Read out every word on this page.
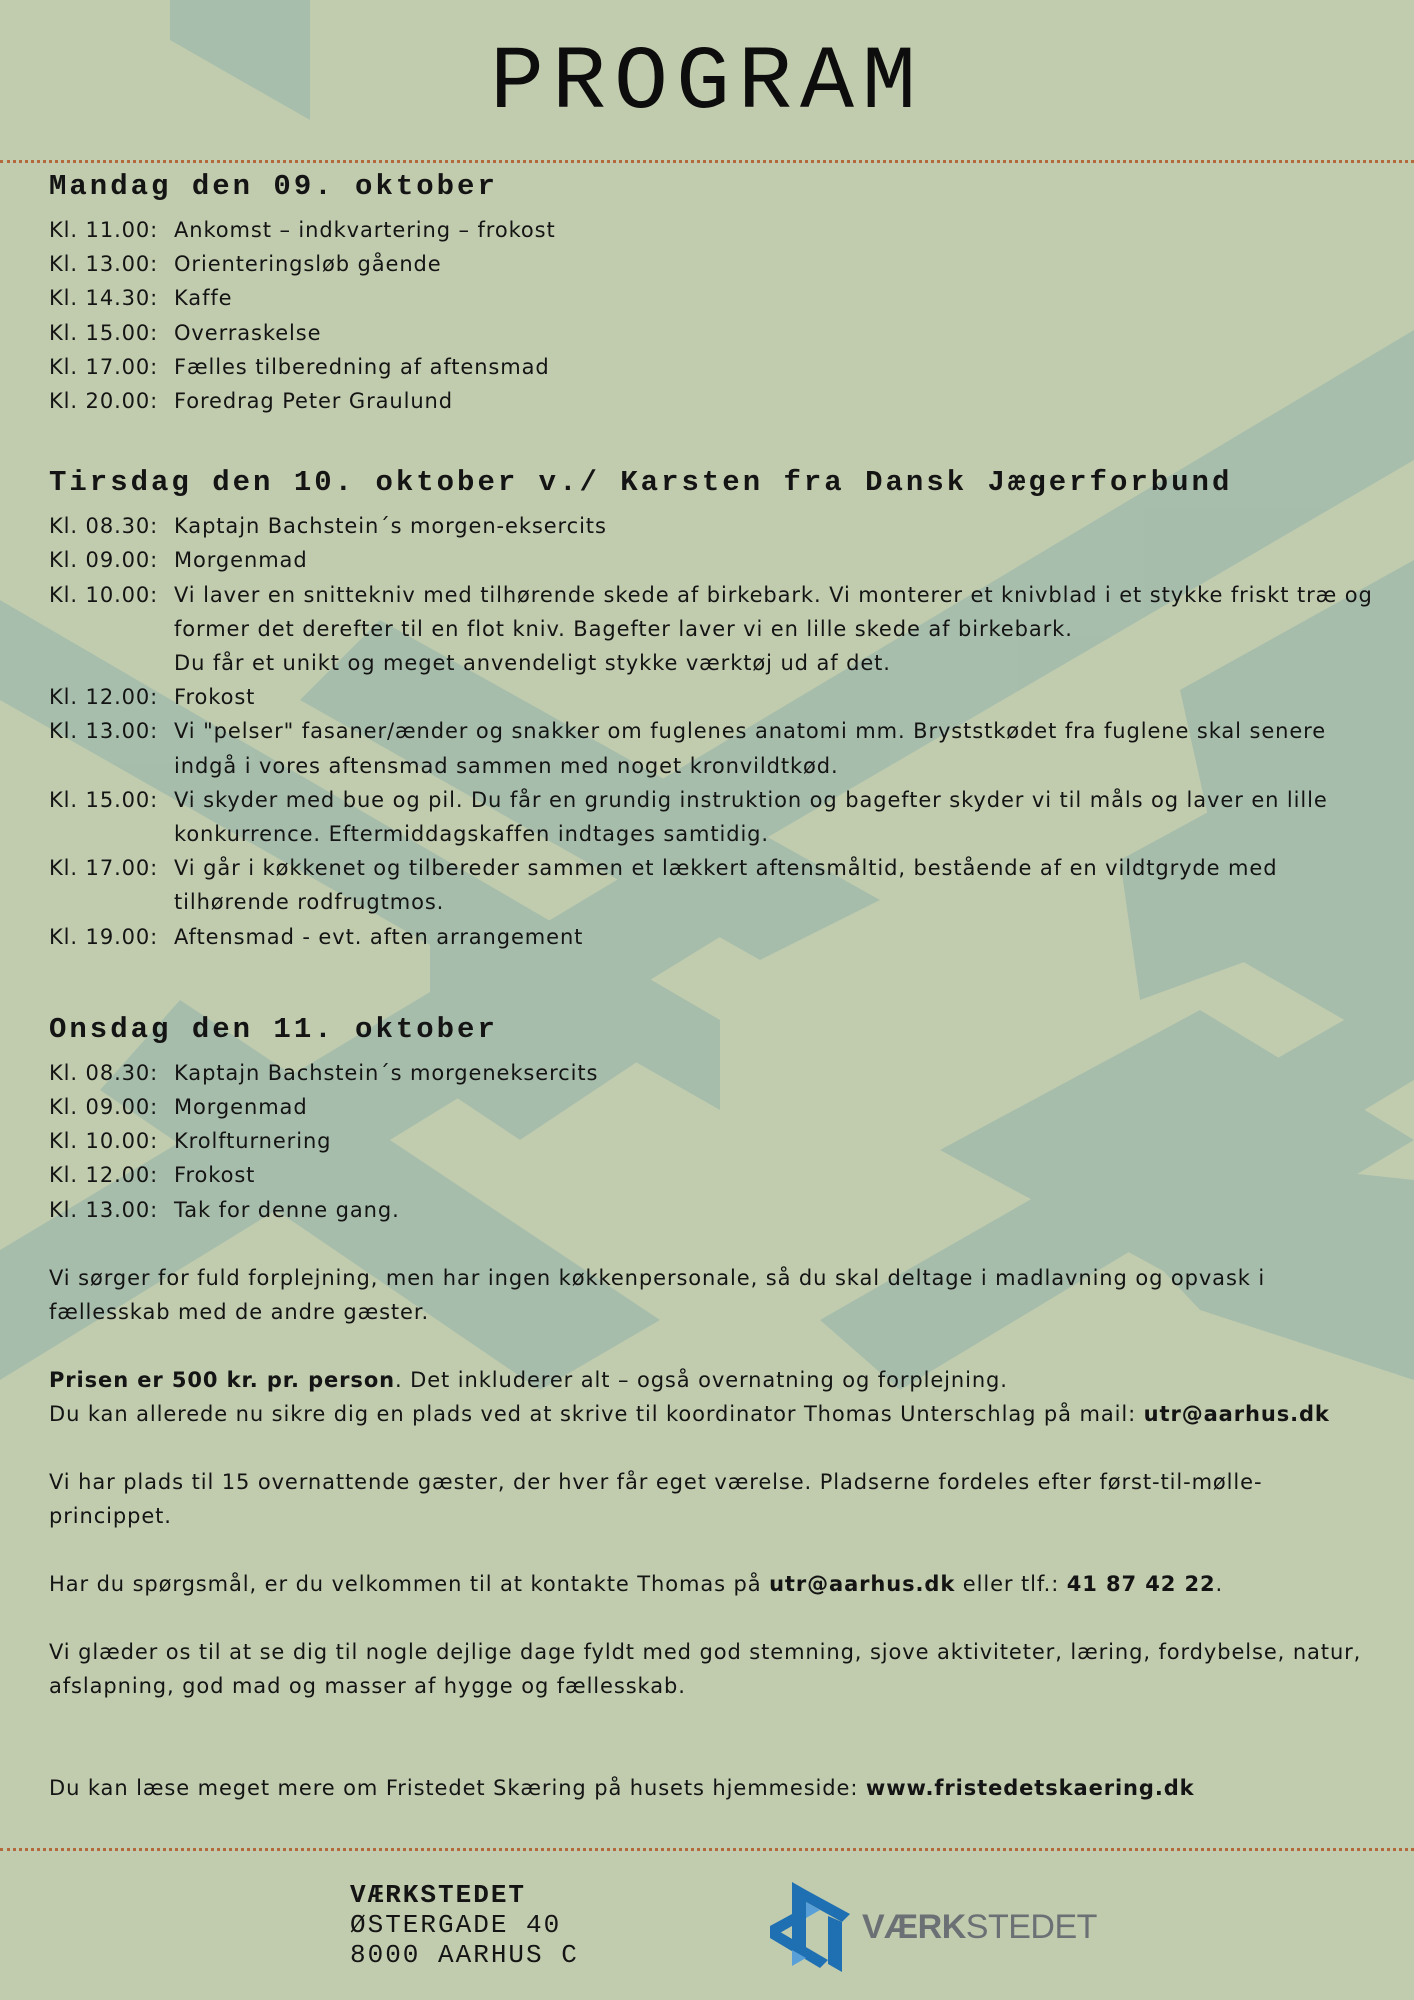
PROGRAM
Mandag den 09. oktober
Kl. 11.00: Ankomst – indkvartering – frokost
Kl. 13.00: Orienteringsløb gående
Kl. 14.30: Kaffe
Kl. 15.00: Overraskelse
Kl. 17.00: Fælles tilberedning af aftensmad
Kl. 20.00: Foredrag Peter Graulund
Tirsdag den 10. oktober v./ Karsten fra Dansk Jægerforbund
Kl. 08.30: Kaptajn Bachstein´s morgen-eksercits
Kl. 09.00: Morgenmad
Kl. 10.00: Vi laver en snittekniv med tilhørende skede af birkebark. Vi monterer et knivblad i et stykke friskt træ og former det derefter til en flot kniv. Bagefter laver vi en lille skede af birkebark.
Du får et unikt og meget anvendeligt stykke værktøj ud af det.
Kl. 12.00: Frokost
Kl. 13.00: Vi "pelser" fasaner/ænder og snakker om fuglenes anatomi mm. Bryststkødet fra fuglene skal senere indgå i vores aftensmad sammen med noget kronvildtkød.
Kl. 15.00: Vi skyder med bue og pil. Du får en grundig instruktion og bagefter skyder vi til måls og laver en lille konkurrence. Eftermiddagskaffen indtages samtidig.
Kl. 17.00: Vi går i køkkenet og tilbereder sammen et lækkert aftensmåltid, bestående af en vildtgryde med tilhørende rodfrugtmos.
Kl. 19.00: Aftensmad - evt. aften arrangement
Onsdag den 11. oktober
Kl. 08.30: Kaptajn Bachstein´s morgeneksercits
Kl. 09.00: Morgenmad
Kl. 10.00: Krolfturnering
Kl. 12.00: Frokost
Kl. 13.00: Tak for denne gang.

Vi sørger for fuld forplejning, men har ingen køkkenpersonale, så du skal deltage i madlavning og opvask i fællesskab med de andre gæster.

Prisen er 500 kr. pr. person. Det inkluderer alt – også overnatning og forplejning.
Du kan allerede nu sikre dig en plads ved at skrive til koordinator Thomas Unterschlag på mail: utr@aarhus.dk

Vi har plads til 15 overnattende gæster, der hver får eget værelse. Pladserne fordeles efter først-til-mølle-princippet.

Har du spørgsmål, er du velkommen til at kontakte Thomas på utr@aarhus.dk eller tlf.: 41 87 42 22.

Vi glæder os til at se dig til nogle dejlige dage fyldt med god stemning, sjove aktiviteter, læring, fordybelse, natur, afslapning, god mad og masser af hygge og fællesskab.

Du kan læse meget mere om Fristedet Skæring på husets hjemmeside: www.fristedetskaering.dk

VÆRKSTEDET
ØSTERGADE 40
8000 AARHUS C
VÆRKSTEDET
